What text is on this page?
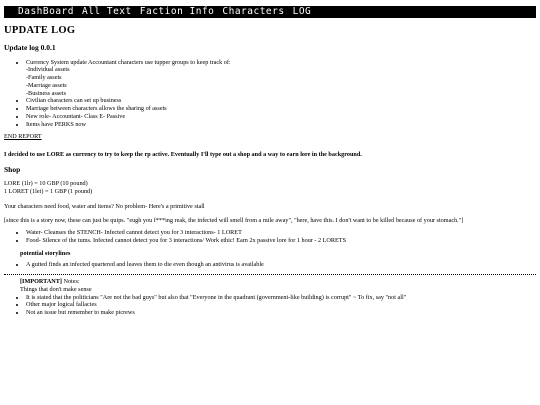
DashBoard All Text Faction Info Characters LOG
UPDATE LOG
Update log 0.0.1
• Currency System update Accountant characters use tupper groups to keep track of:
-Individual assets
-Family assets
-Marriage assets
-Business assets
• Civilian characters can set up business
• Marriage between characters allows the sharing of assets
• New role- Accountant- Class E- Passive
• Items have PERKS now

END REPORT

I decided to use LORE as currency to try to keep the rp active. Eventually I'll type out a shop and a way to earn lore in the background.

Shop

LORE (1lr) = 10 GBP (10 pound)
1 LORET (1lei) = 1 GBP (1 pound)

Your characters need food, water and items? No problem- Here's a primitive stall

[since this is a story now, these can just be quips. "eugh you f***ing reak, the infected will smell from a mile away", "here, have this. I don't want to be killed because of your stomach."]

• Water- Cleanses the STENCH- Infected cannot detect you for 3 interactions- 1 LORET
• Food- Silence of the tums. Infected cannot detect you for 3 interactions/ Work ethic! Earn 2x passive lore for 1 hour - 2 LORETS
potential storylines
• A gutted finds an infected quartered and leaves them to die even though an antivirus is available
[IMPORTANT] Notes:
Things that don't make sense
• It is stated that the politicians "Are not the bad guys" but also that "Everyone in the quadrant (government-like building) is corrupt" ~ To fix, say "not all"
• Other major logical fallacies
• Not an issue but remember to make picrews
